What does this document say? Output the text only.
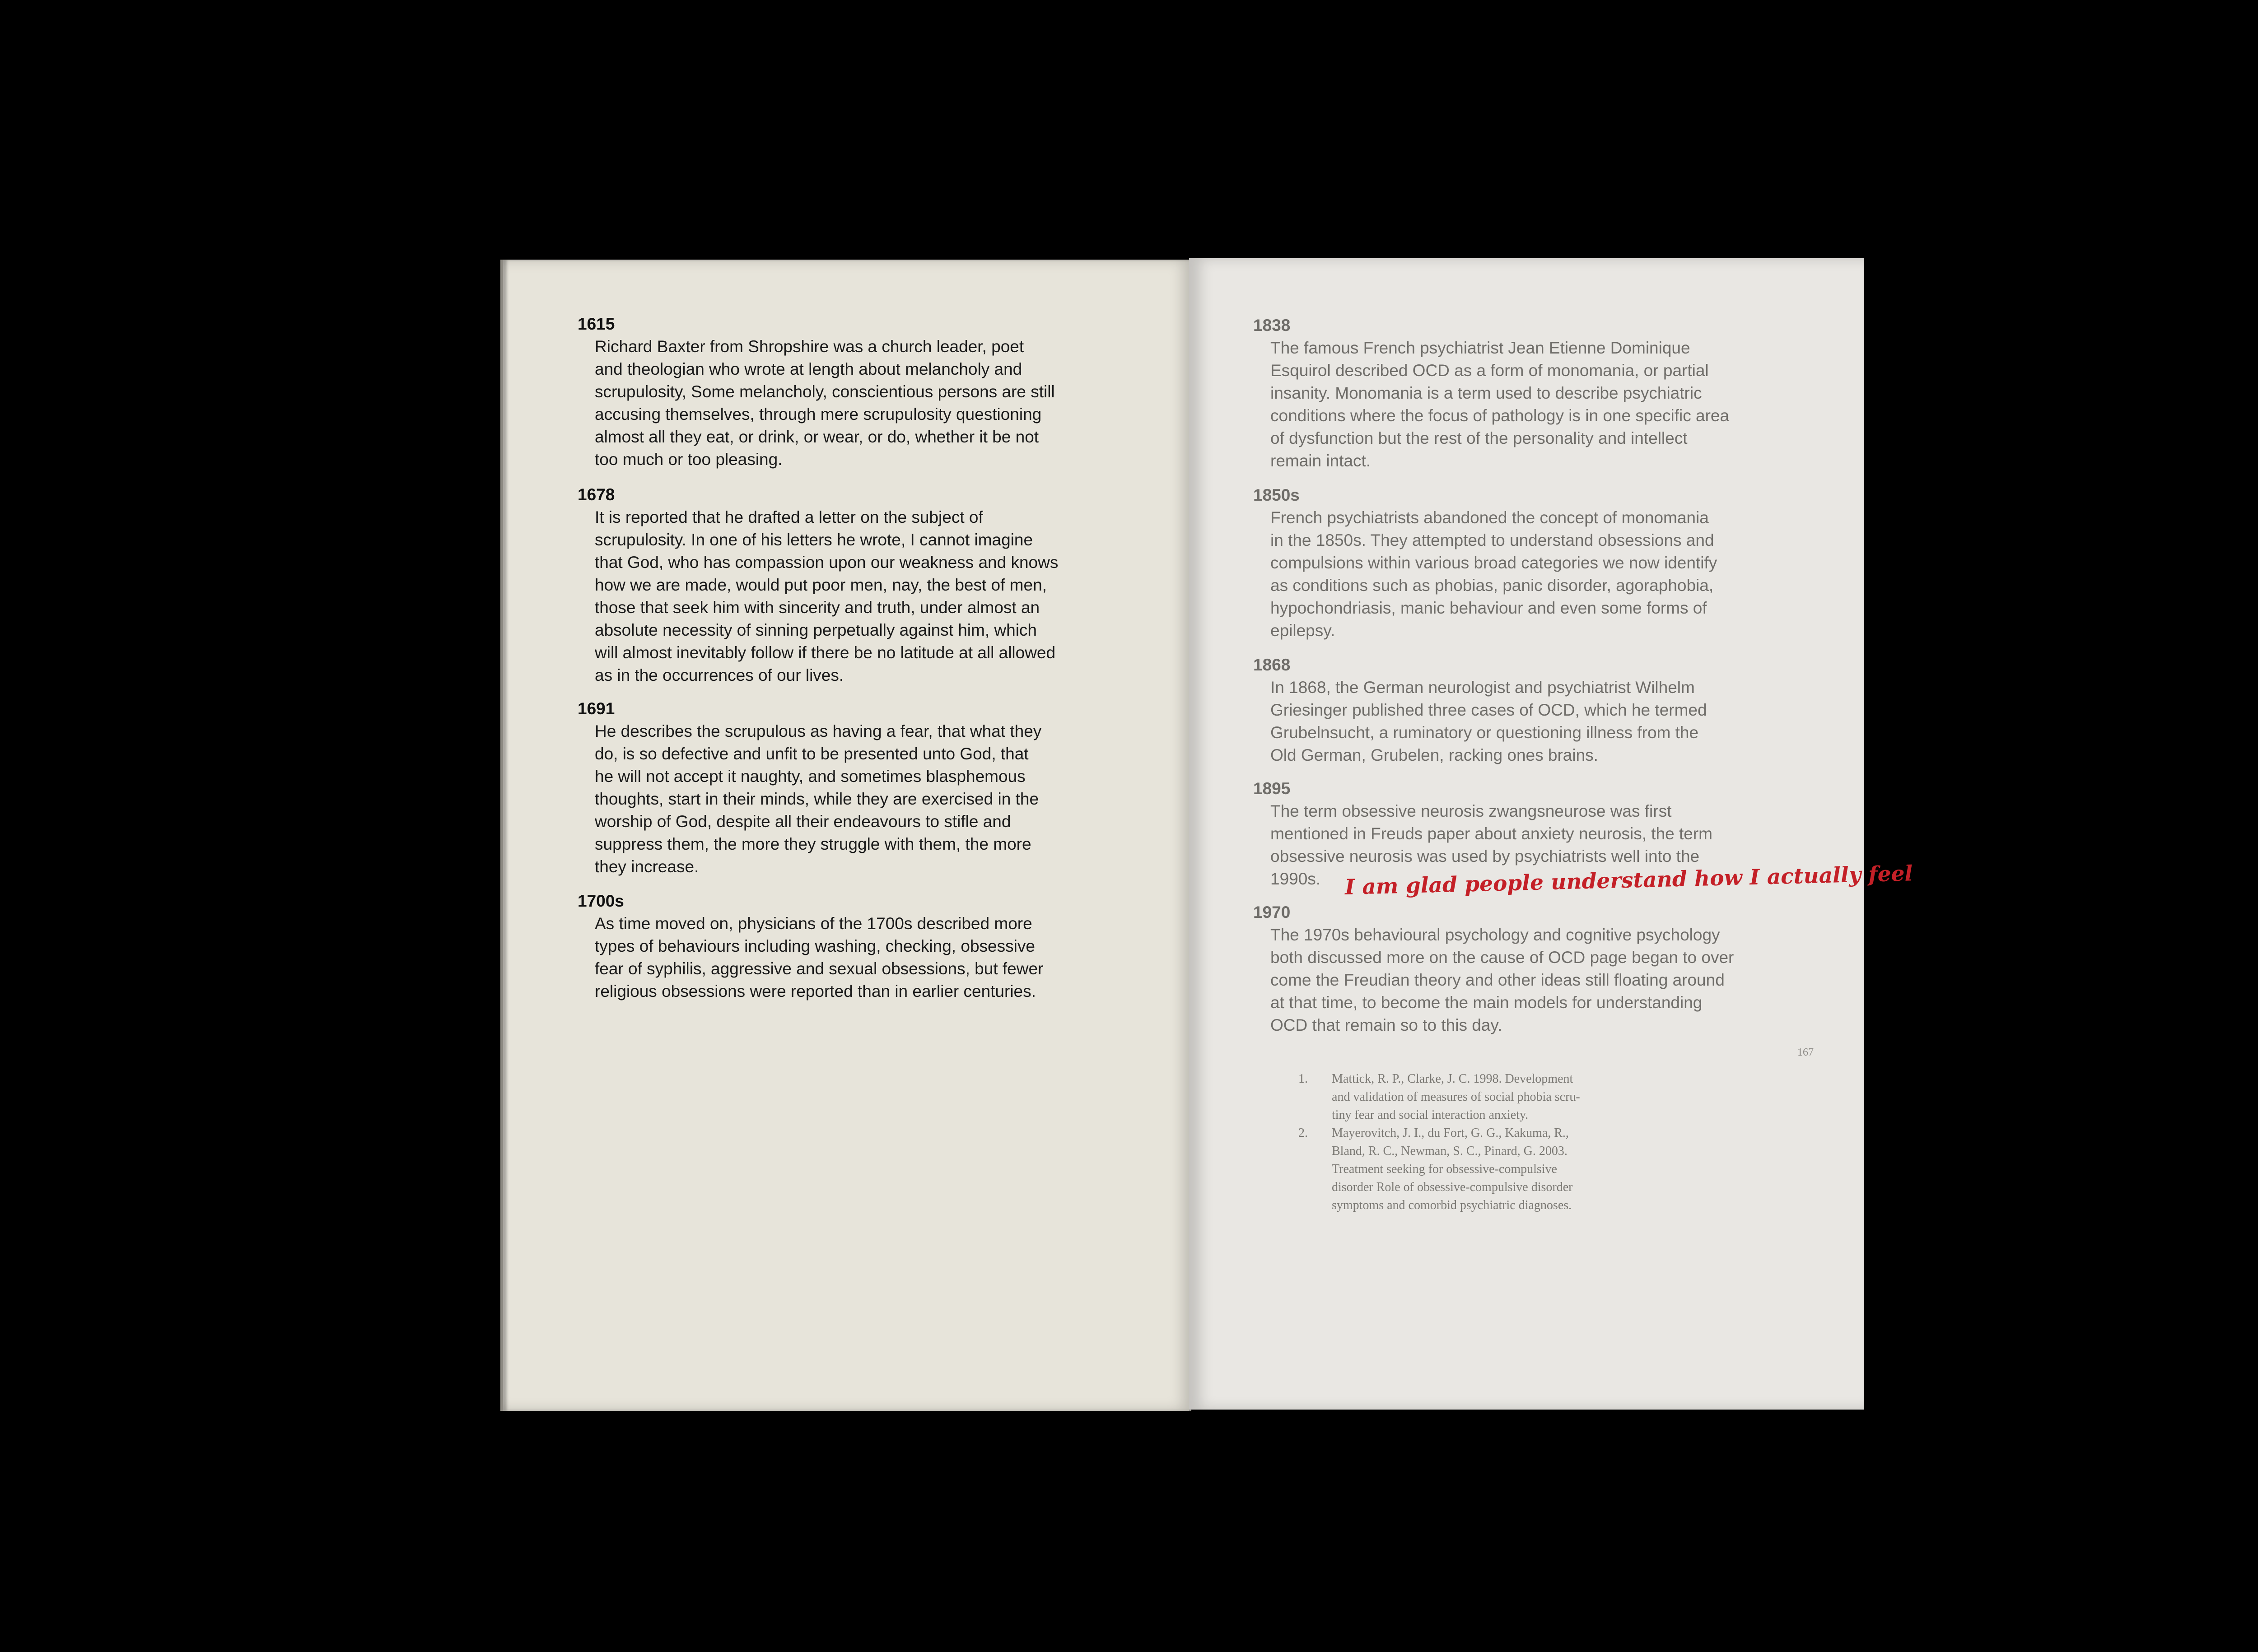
1615
Richard Baxter from Shropshire was a church leader, poet
and theologian who wrote at length about melancholy and
scrupulosity, Some melancholy, conscientious persons are still
accusing themselves, through mere scrupulosity questioning
almost all they eat, or drink, or wear, or do, whether it be not
too much or too pleasing.
1678
It is reported that he drafted a letter on the subject of
scrupulosity. In one of his letters he wrote, I cannot imagine
that God, who has compassion upon our weakness and knows
how we are made, would put poor men, nay, the best of men,
those that seek him with sincerity and truth, under almost an
absolute necessity of sinning perpetually against him, which
will almost inevitably follow if there be no latitude at all allowed
as in the occurrences of our lives.
1691
He describes the scrupulous as having a fear, that what they
do, is so defective and unfit to be presented unto God, that
he will not accept it naughty, and sometimes blasphemous
thoughts, start in their minds, while they are exercised in the
worship of God, despite all their endeavours to stifle and
suppress them, the more they struggle with them, the more
they increase.
1700s
As time moved on, physicians of the 1700s described more
types of behaviours including washing, checking, obsessive
fear of syphilis, aggressive and sexual obsessions, but fewer
religious obsessions were reported than in earlier centuries.
1838
The famous French psychiatrist Jean Etienne Dominique
Esquirol described OCD as a form of monomania, or partial
insanity. Monomania is a term used to describe psychiatric
conditions where the focus of pathology is in one specific area
of dysfunction but the rest of the personality and intellect
remain intact.
1850s
French psychiatrists abandoned the concept of monomania
in the 1850s. They attempted to understand obsessions and
compulsions within various broad categories we now identify
as conditions such as phobias, panic disorder, agoraphobia,
hypochondriasis, manic behaviour and even some forms of
epilepsy.
1868
In 1868, the German neurologist and psychiatrist Wilhelm
Griesinger published three cases of OCD, which he termed
Grubelnsucht, a ruminatory or questioning illness from the
Old German, Grubelen, racking ones brains.
1895
The term obsessive neurosis zwangsneurose was first
mentioned in Freuds paper about anxiety neurosis, the term
obsessive neurosis was used by psychiatrists well into the
1990s.
1970
The 1970s behavioural psychology and cognitive psychology
both discussed more on the cause of OCD page began to over
come the Freudian theory and other ideas still floating around
at that time, to become the main models for understanding
OCD that remain so to this day.
I am glad people understand how I actually feel
167
1.	Mattick, R. P., Clarke, J. C. 1998. Development
and validation of measures of social phobia scru-
tiny fear and social interaction anxiety.
2.	Mayerovitch, J. I., du Fort, G. G., Kakuma, R.,
Bland, R. C., Newman, S. C., Pinard, G. 2003.
Treatment seeking for obsessive-compulsive
disorder Role of obsessive-compulsive disorder
symptoms and comorbid psychiatric diagnoses.
